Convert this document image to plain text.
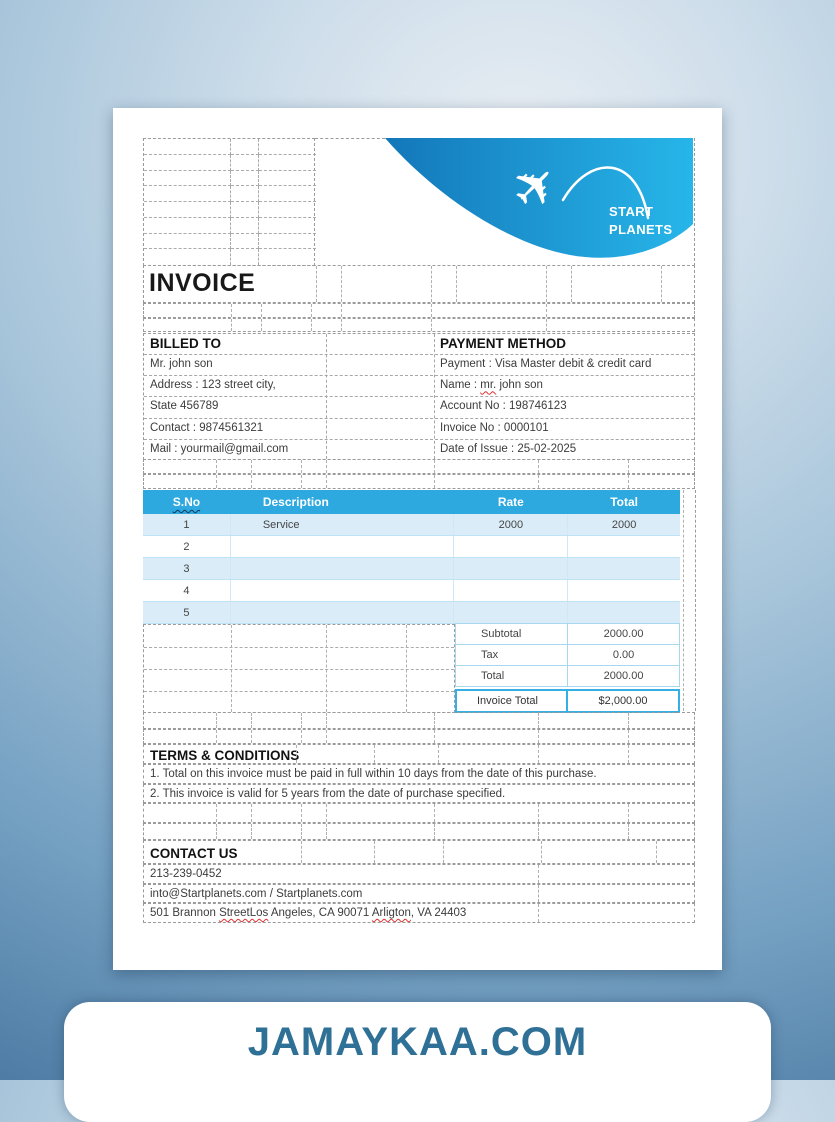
✈	START
PLANETS
INVOICE
BILLED TO	PAYMENT METHOD
Mr. john son	Payment : Visa Master debit & credit card
Address : 123 street city,	Name : mr. john son
State 456789	Account No : 198746123
Contact : 9874561321	Invoice No : 0000101
Mail : yourmail@gmail.com	Date of Issue : 25-02-2025
S.No	Description	Rate	Total
1	Service	2000	2000
2
3
4
5
Subtotal	2000.00
Tax	0.00
Total	2000.00
Invoice Total	$2,000.00
TERMS & CONDITIONS
1. Total on this invoice must be paid in full within 10 days from the date of this purchase.
2. This invoice is valid for 5 years from the date of purchase specified.
CONTACT US
213-239-0452
into@Startplanets.com / Startplanets.com
501 Brannon StreetLos Angeles, CA 90071 Arligton, VA 24403
JAMAYKAA.COM
